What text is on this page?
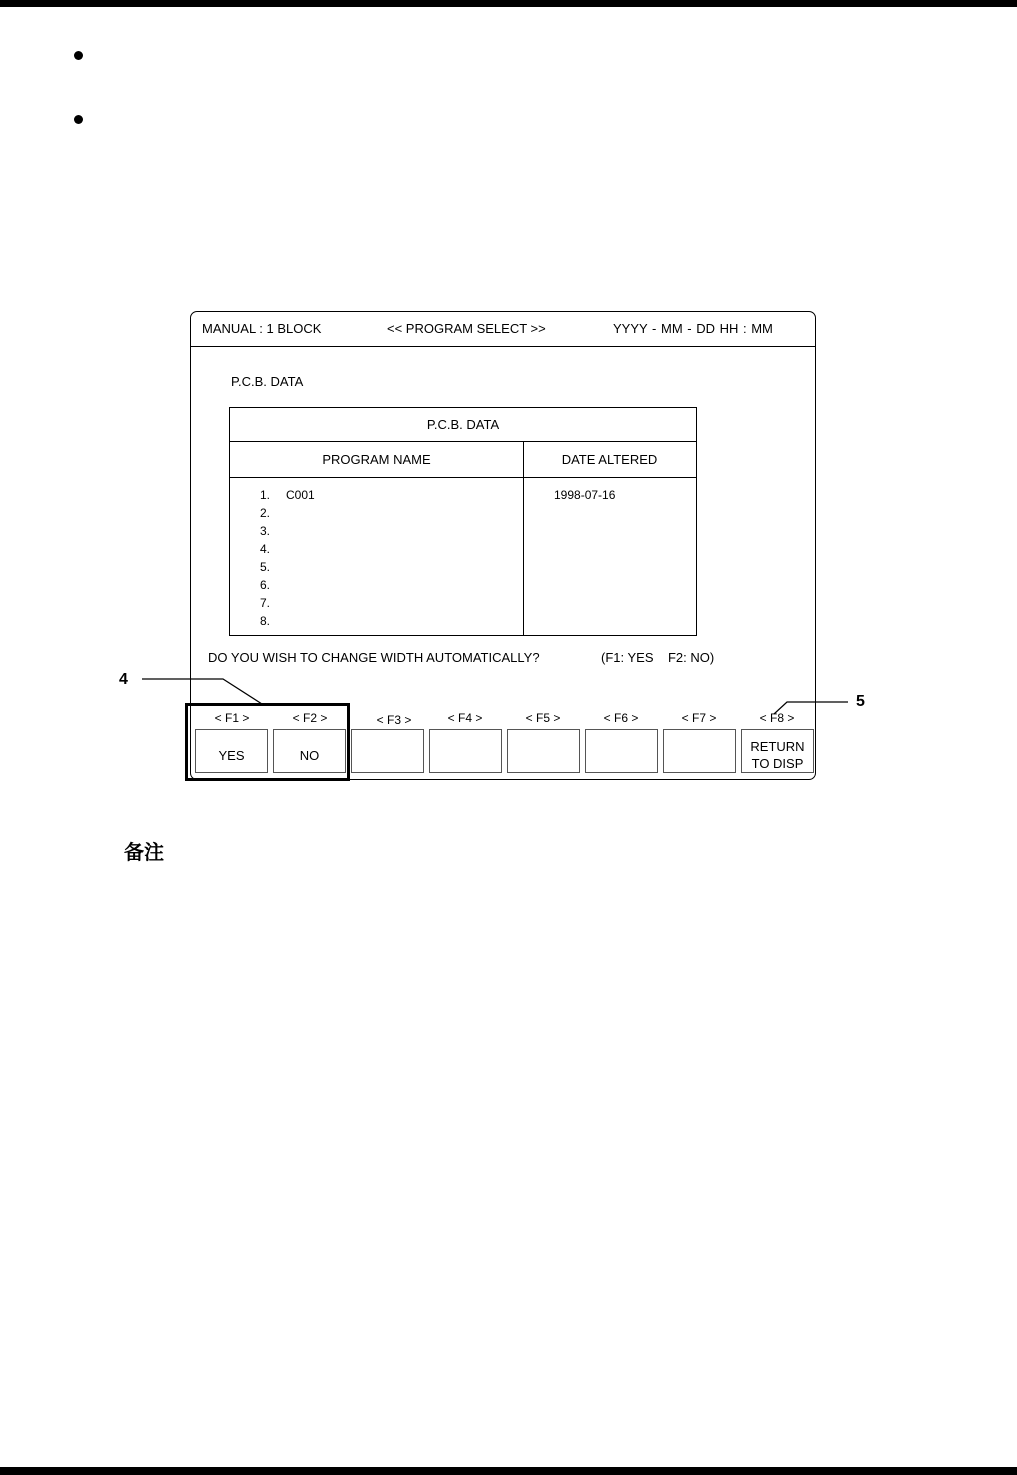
MANUAL : 1 BLOCK	<< PROGRAM SELECT >>	YYYY - MM - DD HH : MM
P.C.B. DATA
P.C.B. DATA
PROGRAM NAME	DATE ALTERED
1. C001	1998-07-16
2.
3.
4.
5.
6.
7.
8.
DO YOU WISH TO CHANGE WIDTH AUTOMATICALLY?	(F1: YES    F2: NO)
< F1 >	< F2 >	< F3 >	< F4 >	< F5 >	< F6 >	< F7 >	< F8 >
YES	NO
RETURN
TO DISP
4
5
备注
